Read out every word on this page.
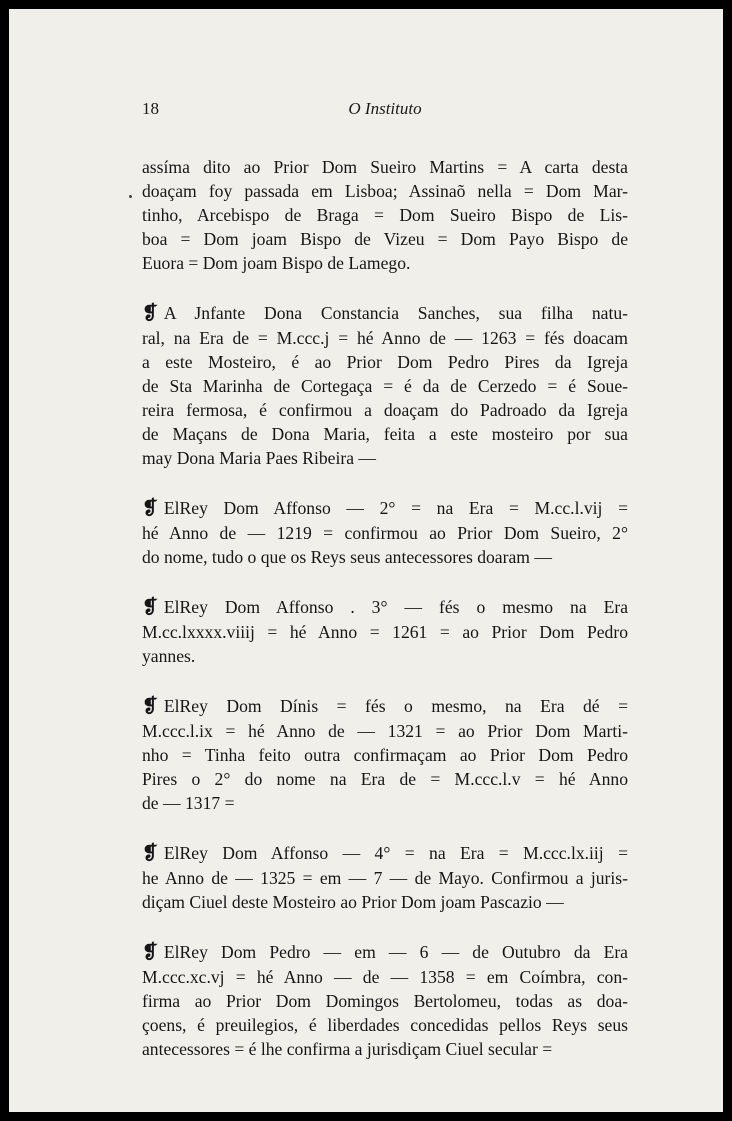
18	O Instituto
assíma dito ao Prior Dom Sueiro Martins = A carta desta
doaçam foy passada em Lisboa; Assinaõ nella = Dom Mar-
tinho, Arcebispo de Braga = Dom Sueiro Bispo de Lis-
boa = Dom joam Bispo de Vizeu = Dom Payo Bispo de
Euora = Dom joam Bispo de Lamego.
❡ A Jnfante Dona Constancia Sanches, sua filha natu-
ral, na Era de = M.ccc.j = hé Anno de — 1263 = fés doacam
a este Mosteiro, é ao Prior Dom Pedro Pires da Igreja
de Sta Marinha de Cortegaça = é da de Cerzedo = é Soue-
reira fermosa, é confirmou a doaçam do Padroado da Igreja
de Maçans de Dona Maria, feita a este mosteiro por sua
may Dona Maria Paes Ribeira —
❡ ElRey Dom Affonso — 2° = na Era = M.cc.l.vij =
hé Anno de — 1219 = confirmou ao Prior Dom Sueiro, 2°
do nome, tudo o que os Reys seus antecessores doaram —
❡ ElRey Dom Affonso . 3° — fés o mesmo na Era
M.cc.lxxxx.viiij = hé Anno = 1261 = ao Prior Dom Pedro
yannes.
❡ ElRey Dom Dínis = fés o mesmo, na Era dé =
M.ccc.l.ix = hé Anno de — 1321 = ao Prior Dom Marti-
nho = Tinha feito outra confirmaçam ao Prior Dom Pedro
Pires o 2° do nome na Era de = M.ccc.l.v = hé Anno
de — 1317 =
❡ ElRey Dom Affonso — 4° = na Era = M.ccc.lx.iij =
he Anno de — 1325 = em — 7 — de Mayo. Confirmou a juris-
diçam Ciuel deste Mosteiro ao Prior Dom joam Pascazio —
❡ ElRey Dom Pedro — em — 6 — de Outubro da Era
M.ccc.xc.vj = hé Anno — de — 1358 = em Coímbra, con-
firma ao Prior Dom Domingos Bertolomeu, todas as doa-
çoens, é preuilegios, é liberdades concedidas pellos Reys seus
antecessores = é lhe confirma a jurisdiçam Ciuel secular =
